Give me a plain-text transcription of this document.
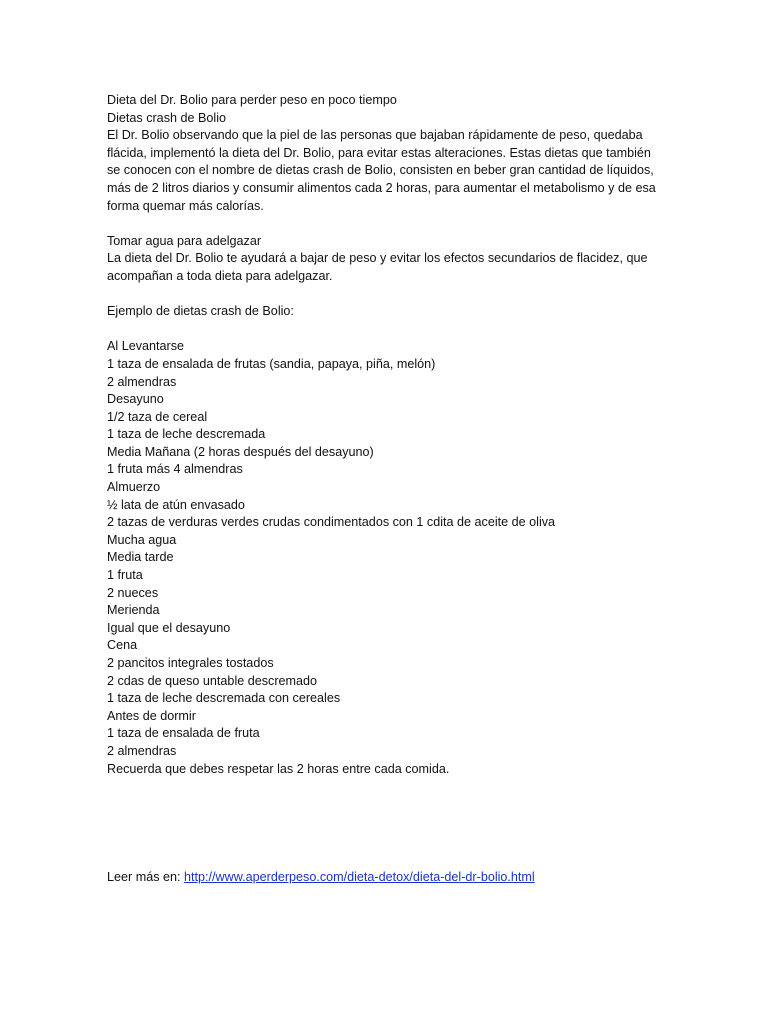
Dieta del Dr. Bolio para perder peso en poco tiempo
Dietas crash de Bolio
El Dr. Bolio observando que la piel de las personas que bajaban rápidamente de peso, quedaba
flácida, implementó la dieta del Dr. Bolio, para evitar estas alteraciones. Estas dietas que también
se conocen con el nombre de dietas crash de Bolio, consisten en beber gran cantidad de líquidos,
más de 2 litros diarios y consumir alimentos cada 2 horas, para aumentar el metabolismo y de esa
forma quemar más calorías.
Tomar agua para adelgazar
La dieta del Dr. Bolio te ayudará a bajar de peso y evitar los efectos secundarios de flacidez, que
acompañan a toda dieta para adelgazar.
Ejemplo de dietas crash de Bolio:
Al Levantarse
1 taza de ensalada de frutas (sandia, papaya, piña, melón)
2 almendras
Desayuno
1/2 taza de cereal
1 taza de leche descremada
Media Mañana (2 horas después del desayuno)
1 fruta más 4 almendras
Almuerzo
½ lata de atún envasado
2 tazas de verduras verdes crudas condimentados con 1 cdita de aceite de oliva
Mucha agua
Media tarde
1 fruta
2 nueces
Merienda
Igual que el desayuno
Cena
2 pancitos integrales tostados
2 cdas de queso untable descremado
1 taza de leche descremada con cereales
Antes de dormir
1 taza de ensalada de fruta
2 almendras
Recuerda que debes respetar las 2 horas entre cada comida.
Leer más en: http://www.aperderpeso.com/dieta-detox/dieta-del-dr-bolio.html
